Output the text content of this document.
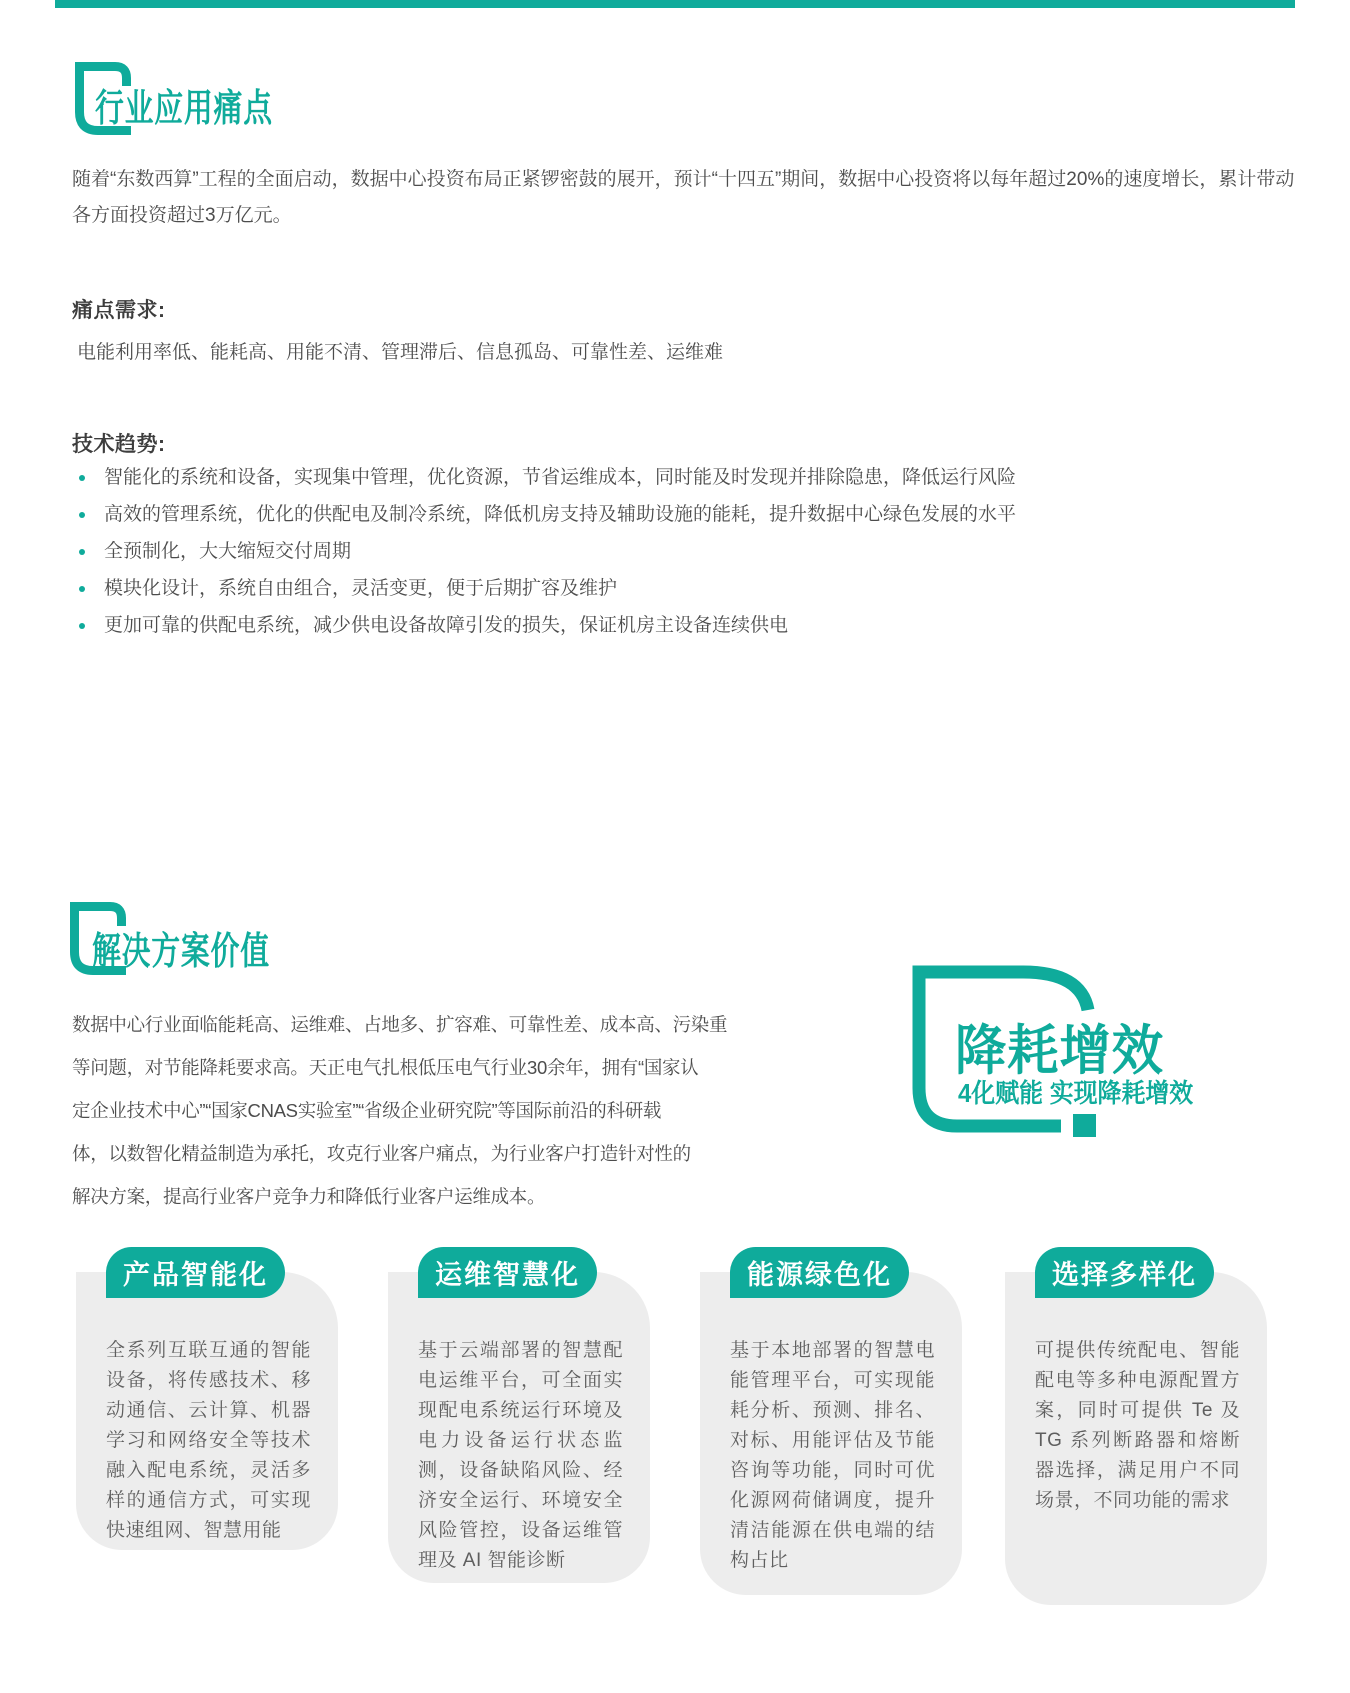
行业应用痛点
随着“东数西算”工程的全面启动，数据中心投资布局正紧锣密鼓的展开，预计“十四五”期间，数据中心投资将以每年超过20%的速度增长，累计带动
各方面投资超过3万亿元。
痛点需求:
电能利用率低、能耗高、用能不清、管理滞后、信息孤岛、可靠性差、运维难
技术趋势:
智能化的系统和设备，实现集中管理，优化资源，节省运维成本，同时能及时发现并排除隐患，降低运行风险
高效的管理系统，优化的供配电及制冷系统，降低机房支持及辅助设施的能耗，提升数据中心绿色发展的水平
全预制化，大大缩短交付周期
模块化设计，系统自由组合，灵活变更，便于后期扩容及维护
更加可靠的供配电系统，减少供电设备故障引发的损失，保证机房主设备连续供电
解决方案价值
数据中心行业面临能耗高、运维难、占地多、扩容难、可靠性差、成本高、污染重
等问题，对节能降耗要求高。天正电气扎根低压电气行业30余年，拥有“国家认
定企业技术中心”“国家CNAS实验室”“省级企业研究院”等国际前沿的科研载
体，以数智化精益制造为承托，攻克行业客户痛点，为行业客户打造针对性的
解决方案，提高行业客户竞争力和降低行业客户运维成本。
降耗增效
4化赋能 实现降耗增效
产品智能化
全系列互联互通的智能设备，将传感技术、移动通信、云计算、机器学习和网络安全等技术融入配电系统，灵活多样的通信方式，可实现快速组网、智慧用能
运维智慧化
基于云端部署的智慧配电运维平台，可全面实现配电系统运行环境及电力设备运行状态监测，设备缺陷风险、经济安全运行、环境安全风险管控，设备运维管理及 AI 智能诊断
能源绿色化
基于本地部署的智慧电能管理平台，可实现能耗分析、预测、排名、对标、用能评估及节能咨询等功能，同时可优化源网荷储调度，提升清洁能源在供电端的结构占比
选择多样化
可提供传统配电、智能配电等多种电源配置方案，同时可提供 Te 及 TG 系列断路器和熔断器选择，满足用户不同场景，不同功能的需求
